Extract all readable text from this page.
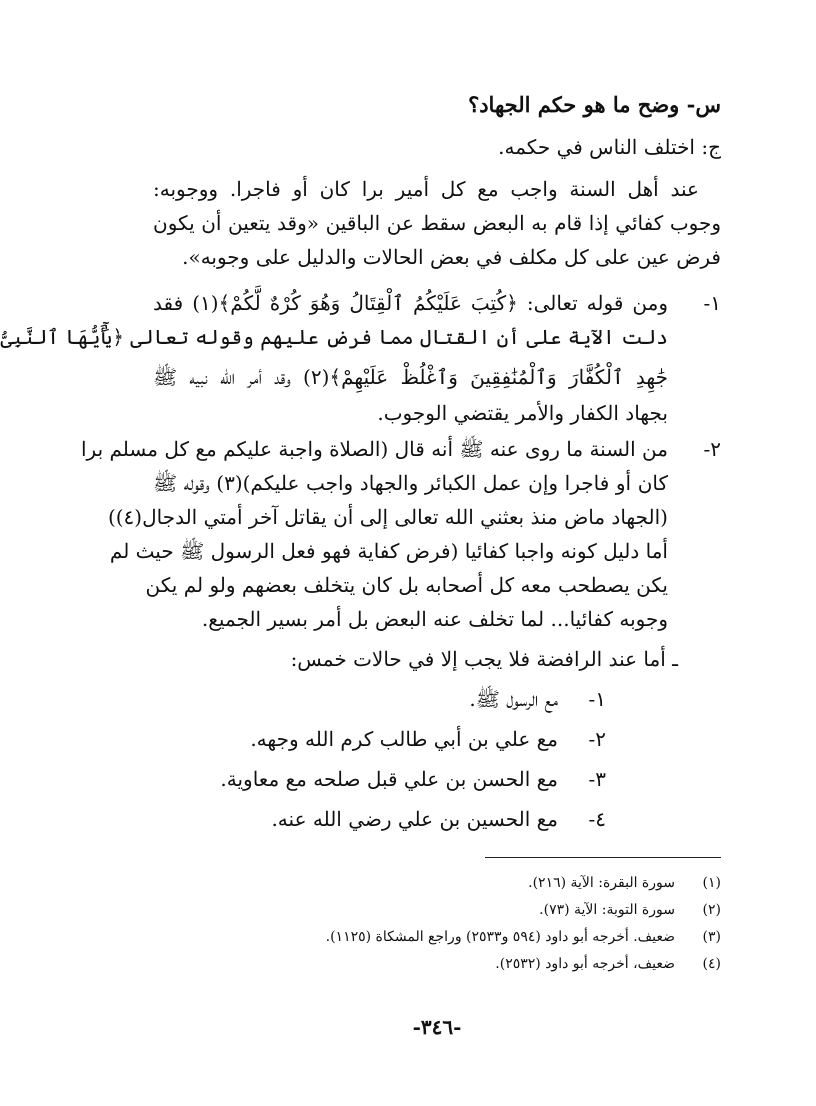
س- وضح ما هو حكم الجهاد؟
ج: اختلف الناس في حكمه.
عند أهل السنة واجب مع كل أمير برا كان أو فاجرا. ووجوبه:
وجوب كفائي إذا قام به البعض سقط عن الباقين «وقد يتعين أن يكون
فرض عين على كل مكلف في بعض الحالات والدليل على وجوبه».
١-
ومن قوله تعالى: ﴿كُتِبَ عَلَيْكُمُ ٱلْقِتَالُ وَهُوَ كُرْهٌ لَّكُمْ﴾(١) فقد
دلت الآية على أن القتال مما فرض عليهم وقوله تعالى ﴿يَٰٓأَيُّهَا ٱلنَّبِىُّ
جَٰهِدِ ٱلْكُفَّارَ وَٱلْمُنَٰفِقِينَ وَٱغْلُظْ عَلَيْهِمْ﴾(٢) وقد أمر الله نبيه ﷺ
بجهاد الكفار والأمر يقتضي الوجوب.
٢-
من السنة ما روى عنه ﷺ أنه قال (الصلاة واجبة عليكم مع كل مسلم برا
كان أو فاجرا وإن عمل الكبائر والجهاد واجب عليكم)(٣) وقوله ﷺ
(الجهاد ماض منذ بعثني الله تعالى إلى أن يقاتل آخر أمتي الدجال(٤))
أما دليل كونه واجبا كفائيا (فرض كفاية فهو فعل الرسول ﷺ حيث لم
يكن يصطحب معه كل أصحابه بل كان يتخلف بعضهم ولو لم يكن
وجوبه كفائيا... لما تخلف عنه البعض بل أمر بسير الجميع.
ـ أما عند الرافضة فلا يجب إلا في حالات خمس:
١-
مع الرسول ﷺ.
٢-
مع علي بن أبي طالب كرم الله وجهه.
٣-
مع الحسن بن علي قبل صلحه مع معاوية.
٤-
مع الحسين بن علي رضي الله عنه.
(١)سورة البقرة: الآية (٢١٦).
(٢)سورة التوبة: الآية (٧٣).
(٣)ضعيف. أخرجه أبو داود (٥٩٤ و٢٥٣٣) وراجع المشكاة (١١٢٥).
(٤)ضعيف، أخرجه أبو داود (٢٥٣٢).
-٣٤٦-
